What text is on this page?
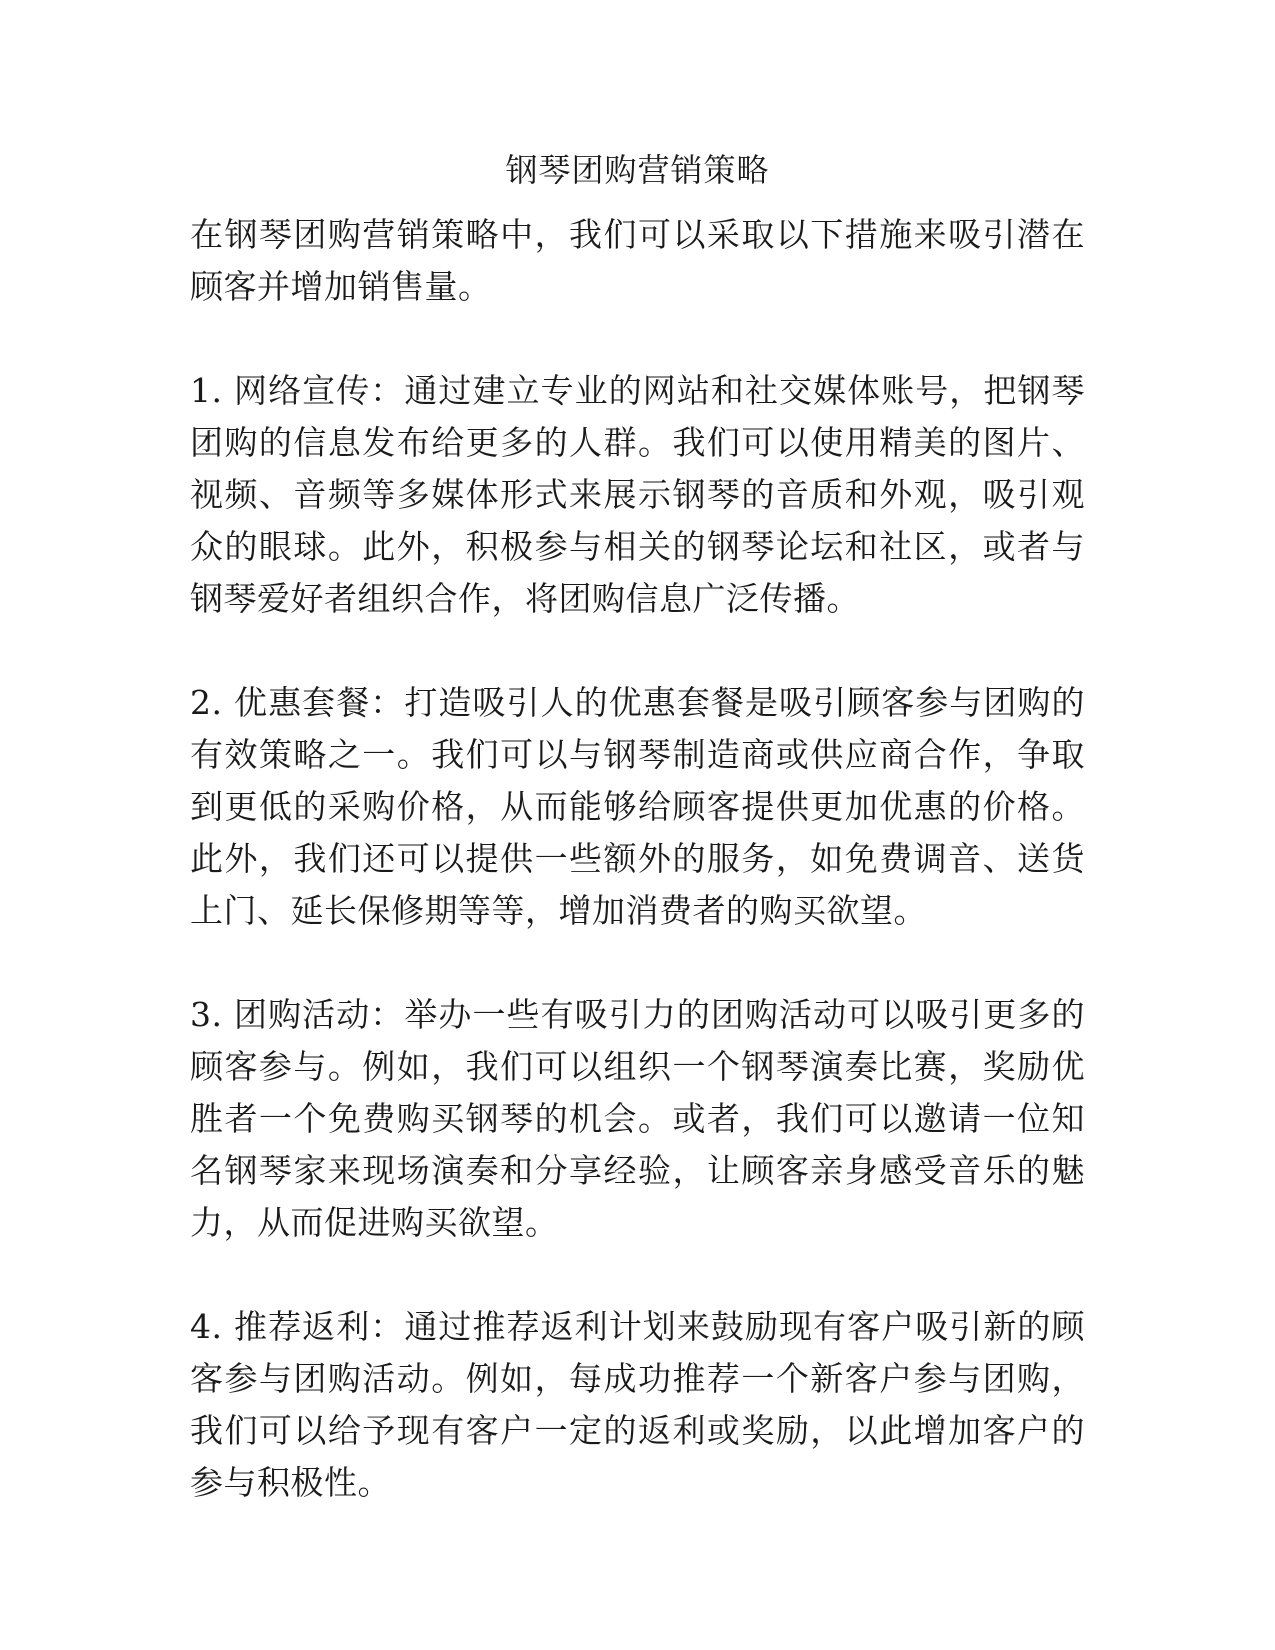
钢琴团购营销策略

在钢琴团购营销策略中，我们可以采取以下措施来吸引潜在顾客并增加销售量。

1. 网络宣传：通过建立专业的网站和社交媒体账号，把钢琴团购的信息发布给更多的人群。我们可以使用精美的图片、视频、音频等多媒体形式来展示钢琴的音质和外观，吸引观众的眼球。此外，积极参与相关的钢琴论坛和社区，或者与钢琴爱好者组织合作，将团购信息广泛传播。

2. 优惠套餐：打造吸引人的优惠套餐是吸引顾客参与团购的有效策略之一。我们可以与钢琴制造商或供应商合作，争取到更低的采购价格，从而能够给顾客提供更加优惠的价格。此外，我们还可以提供一些额外的服务，如免费调音、送货上门、延长保修期等等，增加消费者的购买欲望。

3. 团购活动：举办一些有吸引力的团购活动可以吸引更多的顾客参与。例如，我们可以组织一个钢琴演奏比赛，奖励优胜者一个免费购买钢琴的机会。或者，我们可以邀请一位知名钢琴家来现场演奏和分享经验，让顾客亲身感受音乐的魅力，从而促进购买欲望。

4. 推荐返利：通过推荐返利计划来鼓励现有客户吸引新的顾客参与团购活动。例如，每成功推荐一个新客户参与团购，我们可以给予现有客户一定的返利或奖励，以此增加客户的参与积极性。
